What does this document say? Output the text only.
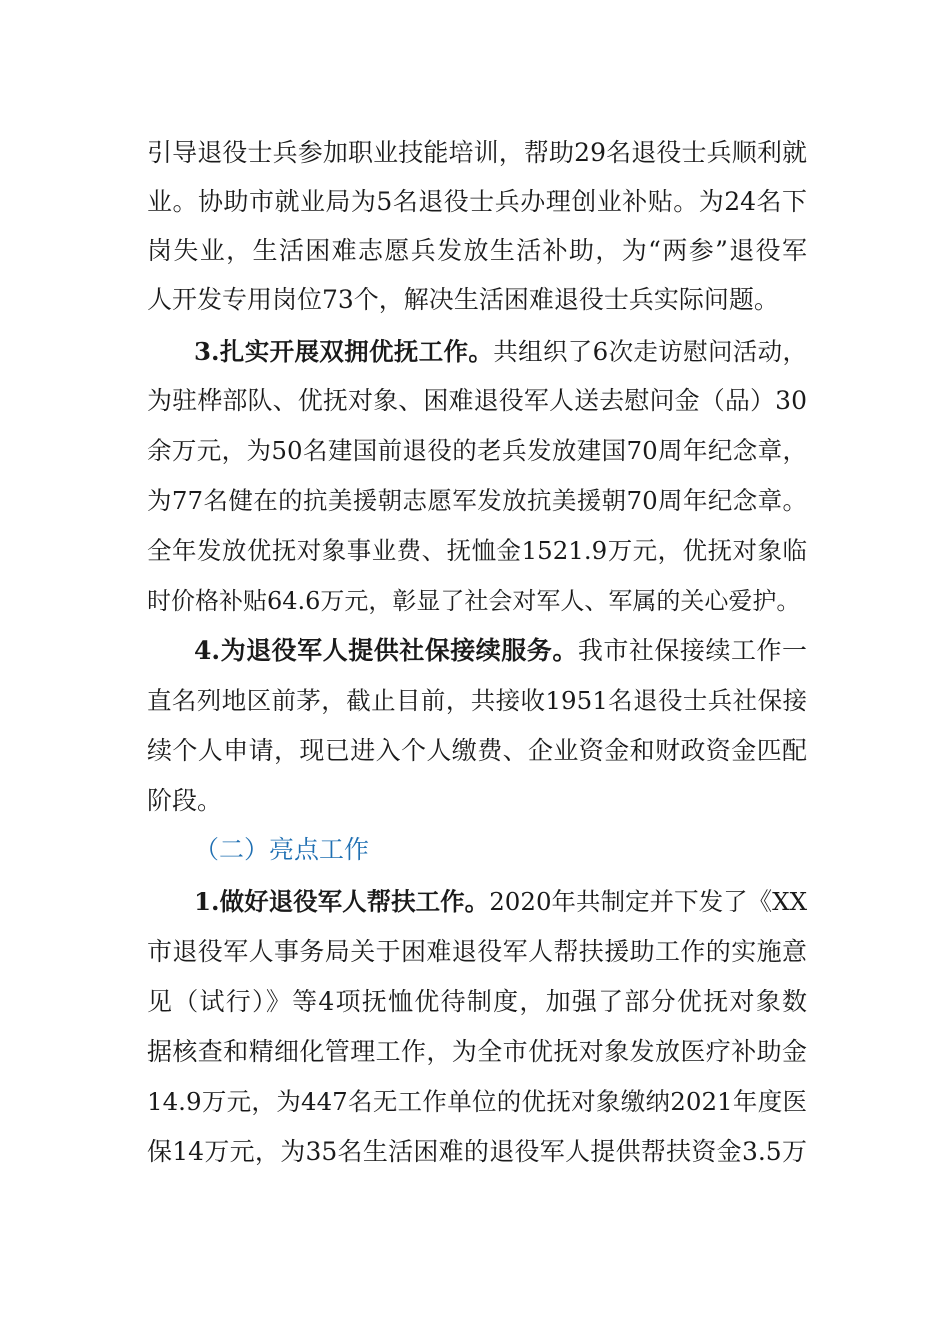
引导退役士兵参加职业技能培训，帮助29名退役士兵顺利就
业。协助市就业局为5名退役士兵办理创业补贴。为24名下
岗失业，生活困难志愿兵发放生活补助，为“两参”退役军
人开发专用岗位73个，解决生活困难退役士兵实际问题。
3.扎实开展双拥优抚工作。共组织了6次走访慰问活动，
为驻桦部队、优抚对象、困难退役军人送去慰问金（品）30
余万元，为50名建国前退役的老兵发放建国70周年纪念章，
为77名健在的抗美援朝志愿军发放抗美援朝70周年纪念章。
全年发放优抚对象事业费、抚恤金1521.9万元，优抚对象临
时价格补贴64.6万元，彰显了社会对军人、军属的关心爱护。
4.为退役军人提供社保接续服务。我市社保接续工作一
直名列地区前茅，截止目前，共接收1951名退役士兵社保接
续个人申请，现已进入个人缴费、企业资金和财政资金匹配
阶段。
（二）亮点工作
1.做好退役军人帮扶工作。2020年共制定并下发了《XX
市退役军人事务局关于困难退役军人帮扶援助工作的实施意
见（试行）》等4项抚恤优待制度，加强了部分优抚对象数
据核查和精细化管理工作，为全市优抚对象发放医疗补助金
14.9万元，为447名无工作单位的优抚对象缴纳2021年度医
保14万元，为35名生活困难的退役军人提供帮扶资金3.5万
